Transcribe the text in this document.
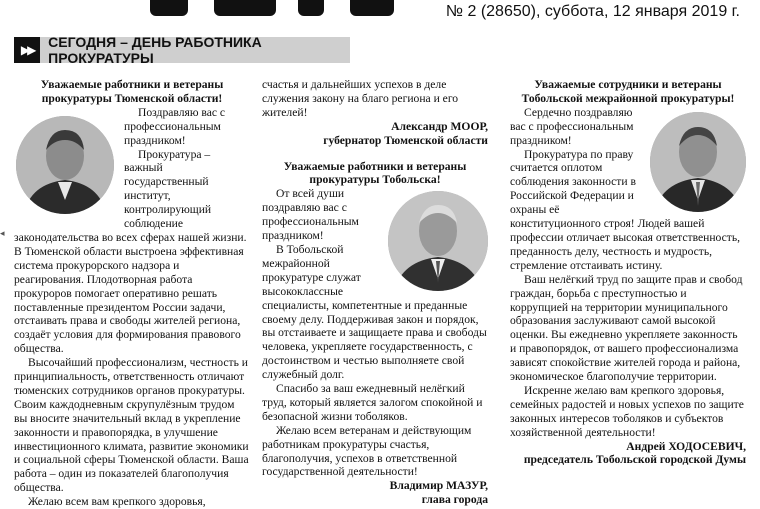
№ 2 (28650), суббота, 12 января 2019 г.
◂
▶▶	СЕГОДНЯ – ДЕНЬ РАБОТНИКА ПРОКУРАТУРЫ

Уважаемые работники и ветераны прокуратуры Тюменской области!

Поздравляю вас с профессиональным праздником!

Прокуратура – важный государственный институт, контролирующий соблюдение законодательства во всех сферах нашей жизни. В Тюменской области выстроена эффективная система прокурорского надзора и реагирования. Плодотворная работа прокуроров помогает оперативно решать поставленные президентом России задачи, отстаивать права и свободы жителей региона, создаёт условия для формирования правового общества.

Высочайший профессионализм, честность и принципиальность, ответственность отличают тюменских сотрудников органов прокуратуры. Своим каждодневным скрупулёзным трудом вы вносите значительный вклад в укрепление законности и правопорядка, в улучшение инвестиционного климата, развитие экономики и социальной сферы Тюменской области. Ваша работа – один из показателей благополучия общества.

Желаю всем вам крепкого здоровья,

счастья и дальнейших успехов в деле служения закону на благо региона и его жителей!

Александр МООР,

губернатор Тюменской области

Уважаемые работники и ветераны прокуратуры Тобольска!

От всей души поздравляю вас с профессиональным праздником!

В Тобольской межрайонной прокуратуре служат высококлассные специалисты, компетентные и преданные своему делу. Поддерживая закон и порядок, вы отстаиваете и защищаете права и свободы человека, укрепляете государственность, с достоинством и честью выполняете свой служебный долг.

Спасибо за ваш ежедневный нелёгкий труд, который является залогом спокойной и безопасной жизни тоболяков.

Желаю всем ветеранам и действующим работникам прокуратуры счастья, благополучия, успехов в ответственной государственной деятельности!

Владимир МАЗУР,

глава города

Уважаемые сотрудники и ветераны Тобольской межрайонной прокуратуры!

Сердечно поздравляю вас с профессиональным праздником!

Прокуратура по праву считается оплотом соблюдения законности в Российской Федерации и охраны её конституционного строя! Людей вашей профессии отличает высокая ответственность, преданность делу, честность и мудрость, стремление отстаивать истину.

Ваш нелёгкий труд по защите прав и свобод граждан, борьба с преступностью и коррупцией на территории муниципального образования заслуживают самой высокой оценки. Вы ежедневно укрепляете законность и правопорядок, от вашего профессионализма зависят спокойствие жителей города и района, экономическое благополучие территории.

Искренне желаю вам крепкого здоровья, семейных радостей и новых успехов по защите законных интересов тоболяков и субъектов хозяйственной деятельности!

Андрей ХОДОСЕВИЧ,

председатель Тобольской городской Думы
